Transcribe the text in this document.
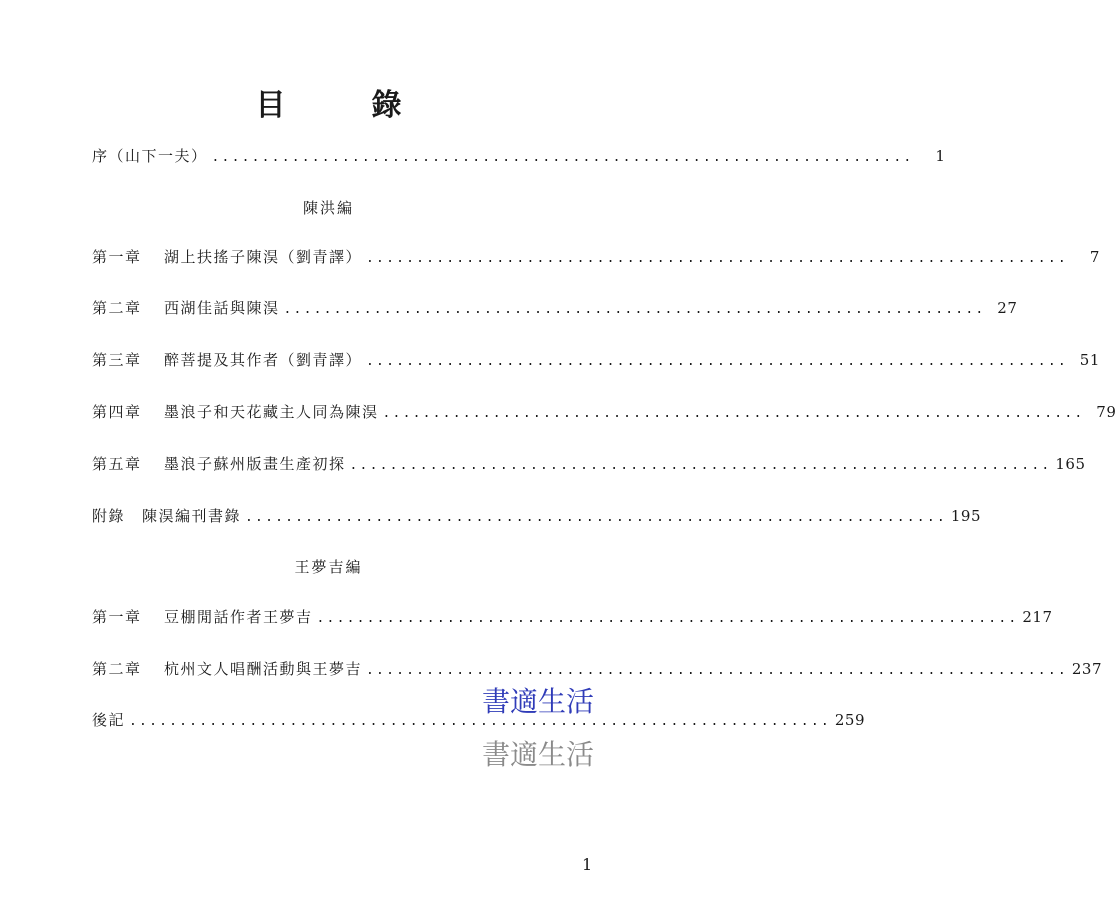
目　錄
序（山下一夫） ......................................................................	1
陳洪編
第一章 湖上扶搖子陳淏（劉青譯） ......................................................................	7
第二章 西湖佳話與陳淏 ...................................................................... 27
第三章 醉菩提及其作者（劉青譯） ...................................................................... 51
第四章 墨浪子和天花藏主人同為陳淏 ...................................................................... 79
第五章 墨浪子蘇州版畫生產初探 ...................................................................... 165
附錄 陳淏編刊書錄 ...................................................................... 195
王夢吉編
第一章 豆棚閒話作者王夢吉 ...................................................................... 217
第二章 杭州文人唱酬活動與王夢吉 ...................................................................... 237
後記 ...................................................................... 259
書適生活
書適生活
1
